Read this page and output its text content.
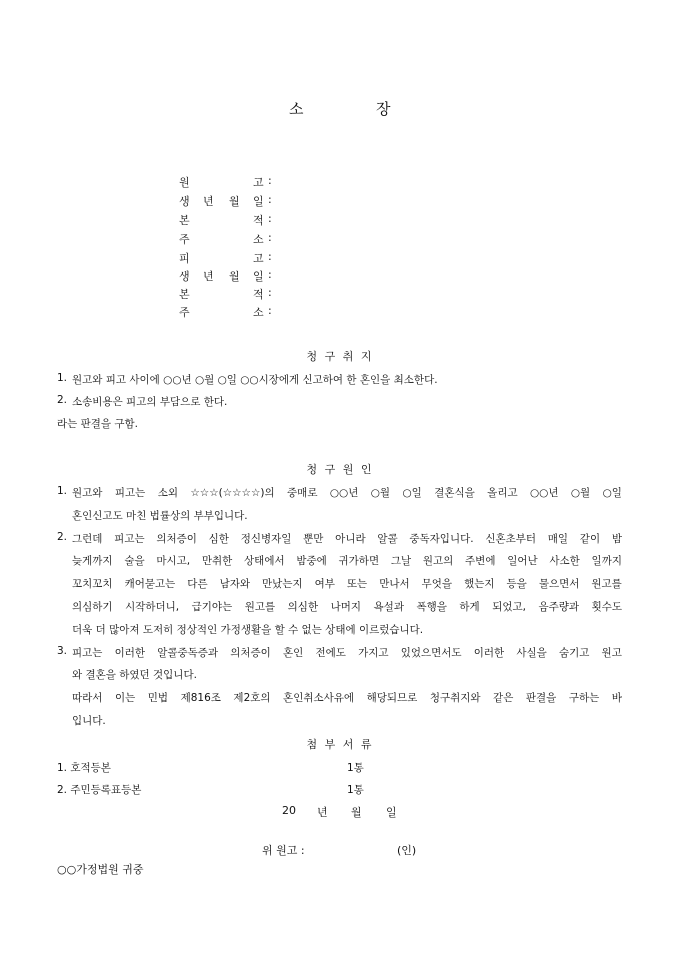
소	장
원	고 :
생 년 월 일 :
본	적 :
주	소 :
피	고 :
생 년 월 일 :
본	적 :
주	소 :
청 구 취 지
1. 원고와 피고 사이에 ○○년 ○월 ○일 ○○시장에게 신고하여 한 혼인을 최소한다.
2. 소송비용은 피고의 부담으로 한다.
라는 판결을 구함.
청 구 원 인
1. 원고와 피고는 소외 ☆☆☆(☆☆☆☆)의 중매로 ○○년 ○월 ○일 결혼식을 올리고 ○○년 ○월 ○일
혼인신고도 마친 법률상의 부부입니다.
2. 그런데 피고는 의처증이 심한 정신병자일 뿐만 아니라 알콜 중독자입니다. 신혼초부터 매일 같이 밤
늦게까지 술을 마시고, 만취한 상태에서 밤중에 귀가하면 그날 원고의 주변에 일어난 사소한 일까지
꼬치꼬치 캐어묻고는 다른 남자와 만났는지 여부 또는 만나서 무엇을 했는지 등을 물으면서 원고를
의심하기 시작하더니, 급기야는 원고를 의심한 나머지 욕설과 폭행을 하게 되었고, 음주량과 횟수도
더욱 더 많아져 도저히 정상적인 가정생활을 할 수 없는 상태에 이르렀습니다.
3. 피고는 이러한 알콜중독증과 의처증이 혼인 전에도 가지고 있었으면서도 이러한 사실을 숨기고 원고
와 결혼을 하였던 것입니다.
따라서 이는 민법 제816조 제2호의 혼인취소사유에 해당되므로 청구취지와 같은 판결을 구하는 바
입니다.
첨 부 서 류
1. 호적등본	1통
2. 주민등록표등본	1통
20 년 월 일
위 원고 :	(인)
○○가정법원 귀중
